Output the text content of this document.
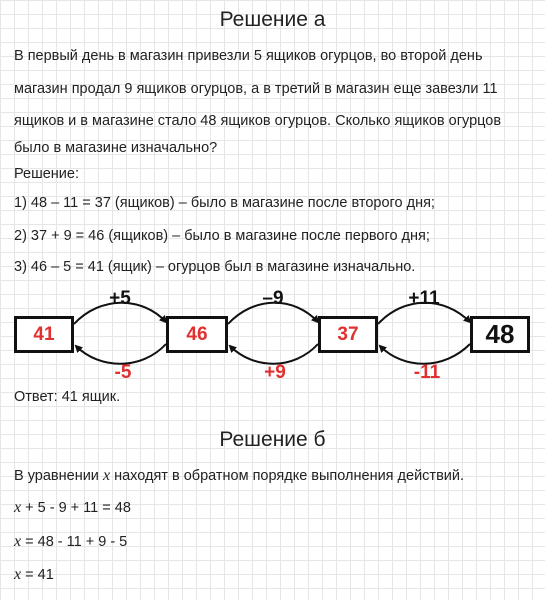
Решение а
В первый день в магазин привезли 5 ящиков огурцов, во второй день
магазин продал 9 ящиков огурцов, а в третий в магазин еще завезли 11
ящиков и в магазине стало 48 ящиков огурцов. Сколько ящиков огурцов
было в магазине изначально?
Решение:
1) 48 – 11 = 37 (ящиков) – было в магазине после второго дня;
2) 37 + 9 = 46 (ящиков) – было в магазине после первого дня;
3) 46 – 5 = 41 (ящик) – огурцов был в магазине изначально.
+5	–9	+11
41	46	37	48
-5	+9	-11
Ответ: 41 ящик.
Решение б
В уравнении x находят в обратном порядке выполнения действий.
x + 5 - 9 + 11 = 48
x = 48 - 11 + 9 - 5
x = 41
